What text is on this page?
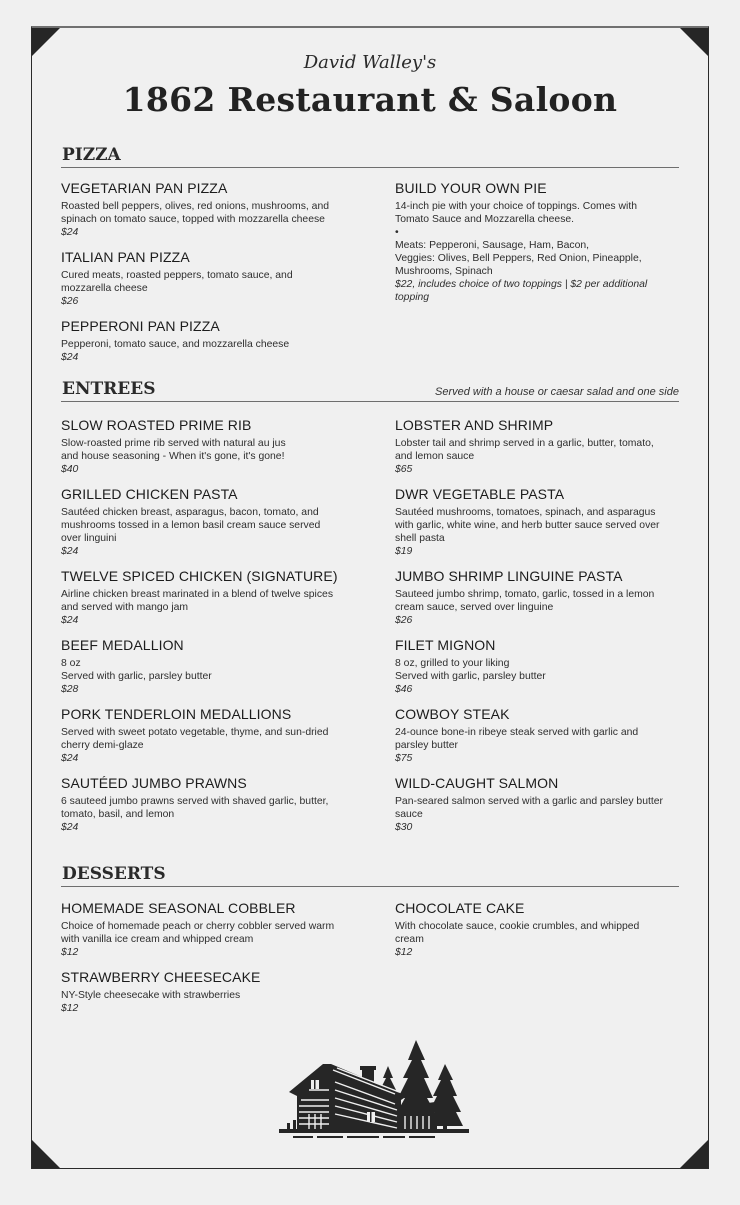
David Walley's
1862 Restaurant & Saloon
PIZZA
VEGETARIAN PAN PIZZA
Roasted bell peppers, olives, red onions, mushrooms, and
spinach on tomato sauce, topped with mozzarella cheese
$24
ITALIAN PAN PIZZA
Cured meats, roasted peppers, tomato sauce, and
mozzarella cheese
$26
PEPPERONI PAN PIZZA
Pepperoni, tomato sauce, and mozzarella cheese
$24
BUILD YOUR OWN PIE
14-inch pie with your choice of toppings. Comes with
Tomato Sauce and Mozzarella cheese.
•
Meats: Pepperoni, Sausage, Ham, Bacon,
Veggies: Olives, Bell Peppers, Red Onion, Pineapple,
Mushrooms, Spinach
$22, includes choice of two toppings | $2 per additional topping
ENTREES	Served with a house or caesar salad and one side
SLOW ROASTED PRIME RIB
Slow-roasted prime rib served with natural au jus
and house seasoning - When it's gone, it's gone!
$40
GRILLED CHICKEN PASTA
Sautéed chicken breast, asparagus, bacon, tomato, and
mushrooms tossed in a lemon basil cream sauce served
over linguini
$24
TWELVE SPICED CHICKEN (SIGNATURE)
Airline chicken breast marinated in a blend of twelve spices
and served with mango jam
$24
BEEF MEDALLION
8 oz
Served with garlic, parsley butter
$28
PORK TENDERLOIN MEDALLIONS
Served with sweet potato vegetable, thyme, and sun-dried
cherry demi-glaze
$24
SAUTÉED JUMBO PRAWNS
6 sauteed jumbo prawns served with shaved garlic, butter,
tomato, basil, and lemon
$24
LOBSTER AND SHRIMP
Lobster tail and shrimp served in a garlic, butter, tomato,
and lemon sauce
$65
DWR VEGETABLE PASTA
Sautéed mushrooms, tomatoes, spinach, and asparagus
with garlic, white wine, and herb butter sauce served over
shell pasta
$19
JUMBO SHRIMP LINGUINE PASTA
Sauteed jumbo shrimp, tomato, garlic, tossed in a lemon
cream sauce, served over linguine
$26
FILET MIGNON
8 oz, grilled to your liking
Served with garlic, parsley butter
$46
COWBOY STEAK
24-ounce bone-in ribeye steak served with garlic and
parsley butter
$75
WILD-CAUGHT SALMON
Pan-seared salmon served with a garlic and parsley butter
sauce
$30
DESSERTS
HOMEMADE SEASONAL COBBLER
Choice of homemade peach or cherry cobbler served warm
with vanilla ice cream and whipped cream
$12
STRAWBERRY CHEESECAKE
NY-Style cheesecake with strawberries
$12
CHOCOLATE CAKE
With chocolate sauce, cookie crumbles, and whipped
cream
$12
